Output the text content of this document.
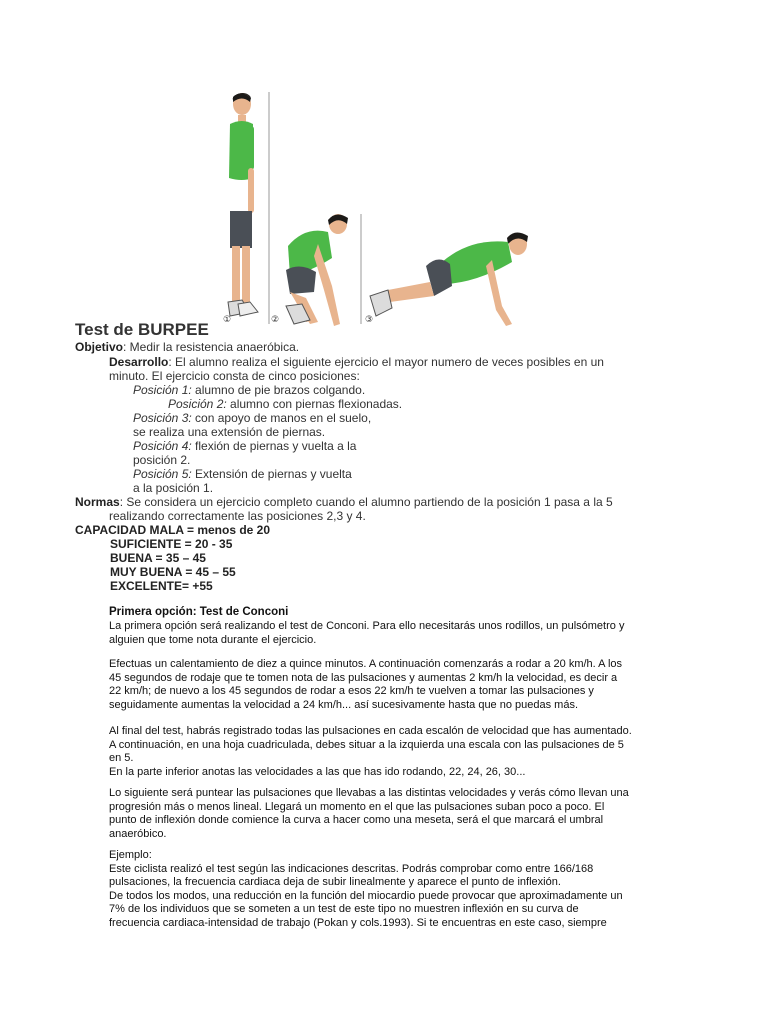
①	②	③
Test de BURPEE
Objetivo: Medir la resistencia anaeróbica.
Desarrollo: El alumno realiza el siguiente ejercicio el mayor numero de veces posibles en un
minuto. El ejercicio consta de cinco posiciones:
Posición 1: alumno de pie brazos colgando.
Posición 2: alumno con piernas flexionadas.
Posición 3: con apoyo de manos en el suelo,
se realiza una extensión de piernas.
Posición 4: flexión de piernas y vuelta a la
posición 2.
Posición 5: Extensión de piernas y vuelta
a la posición 1.
Normas: Se considera un ejercicio completo cuando el alumno partiendo de la posición 1 pasa a la 5
realizando correctamente las posiciones 2,3 y 4.
CAPACIDAD MALA = menos de 20
SUFICIENTE = 20 - 35
BUENA = 35 – 45
MUY BUENA = 45 – 55
EXCELENTE= +55
Primera opción: Test de Conconi
La primera opción será realizando el test de Conconi. Para ello necesitarás unos rodillos, un pulsómetro y
alguien que tome nota durante el ejercicio.
Efectuas un calentamiento de diez a quince minutos. A continuación comenzarás a rodar a 20 km/h. A los
45 segundos de rodaje que te tomen nota de las pulsaciones y aumentas 2 km/h la velocidad, es decir a
22 km/h; de nuevo a los 45 segundos de rodar a esos 22 km/h te vuelven a tomar las pulsaciones y
seguidamente aumentas la velocidad a 24 km/h... así sucesivamente hasta que no puedas más.
Al final del test, habrás registrado todas las pulsaciones en cada escalón de velocidad que has aumentado.
A continuación, en una hoja cuadriculada, debes situar a la izquierda una escala con las pulsaciones de 5
en 5.
En la parte inferior anotas las velocidades a las que has ido rodando, 22, 24, 26, 30...
Lo siguiente será puntear las pulsaciones que llevabas a las distintas velocidades y verás cómo llevan una
progresión más o menos lineal. Llegará un momento en el que las pulsaciones suban poco a poco. El
punto de inflexión donde comience la curva a hacer como una meseta, será el que marcará el umbral
anaeróbico.
Ejemplo:
Este ciclista realizó el test según las indicaciones descritas. Podrás comprobar como entre 166/168
pulsaciones, la frecuencia cardiaca deja de subir linealmente y aparece el punto de inflexión.
De todos los modos, una reducción en la función del miocardio puede provocar que aproximadamente un
7% de los individuos que se someten a un test de este tipo no muestren inflexión en su curva de
frecuencia cardiaca-intensidad de trabajo (Pokan y cols.1993). Si te encuentras en este caso, siempre
